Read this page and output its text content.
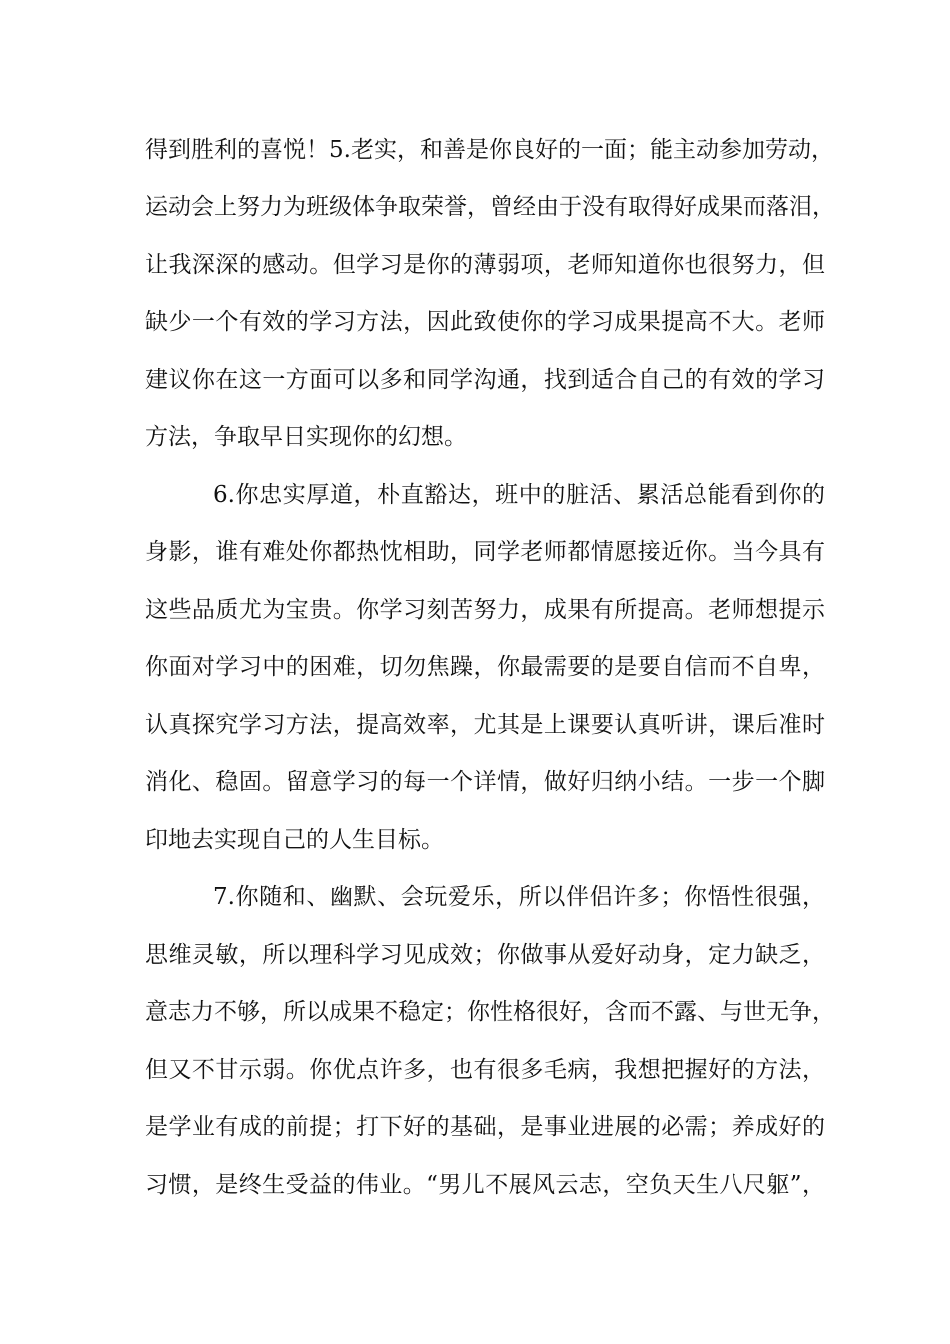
得到胜利的喜悦！5.老实，和善是你良好的一面；能主动参加劳动，
运动会上努力为班级体争取荣誉，曾经由于没有取得好成果而落泪，
让我深深的感动。但学习是你的薄弱项，老师知道你也很努力，但
缺少一个有效的学习方法，因此致使你的学习成果提高不大。老师
建议你在这一方面可以多和同学沟通，找到适合自己的有效的学习
方法，争取早日实现你的幻想。
6.你忠实厚道，朴直豁达，班中的脏活、累活总能看到你的
身影，谁有难处你都热忱相助，同学老师都情愿接近你。当今具有
这些品质尤为宝贵。你学习刻苦努力，成果有所提高。老师想提示
你面对学习中的困难，切勿焦躁，你最需要的是要自信而不自卑，
认真探究学习方法，提高效率，尤其是上课要认真听讲，课后准时
消化、稳固。留意学习的每一个详情，做好归纳小结。一步一个脚
印地去实现自己的人生目标。
7.你随和、幽默、会玩爱乐，所以伴侣许多；你悟性很强，
思维灵敏，所以理科学习见成效；你做事从爱好动身，定力缺乏，
意志力不够，所以成果不稳定；你性格很好，含而不露、与世无争，
但又不甘示弱。你优点许多，也有很多毛病，我想把握好的方法，
是学业有成的前提；打下好的基础，是事业进展的必需；养成好的
习惯，是终生受益的伟业。“男儿不展风云志，空负天生八尺躯”，
